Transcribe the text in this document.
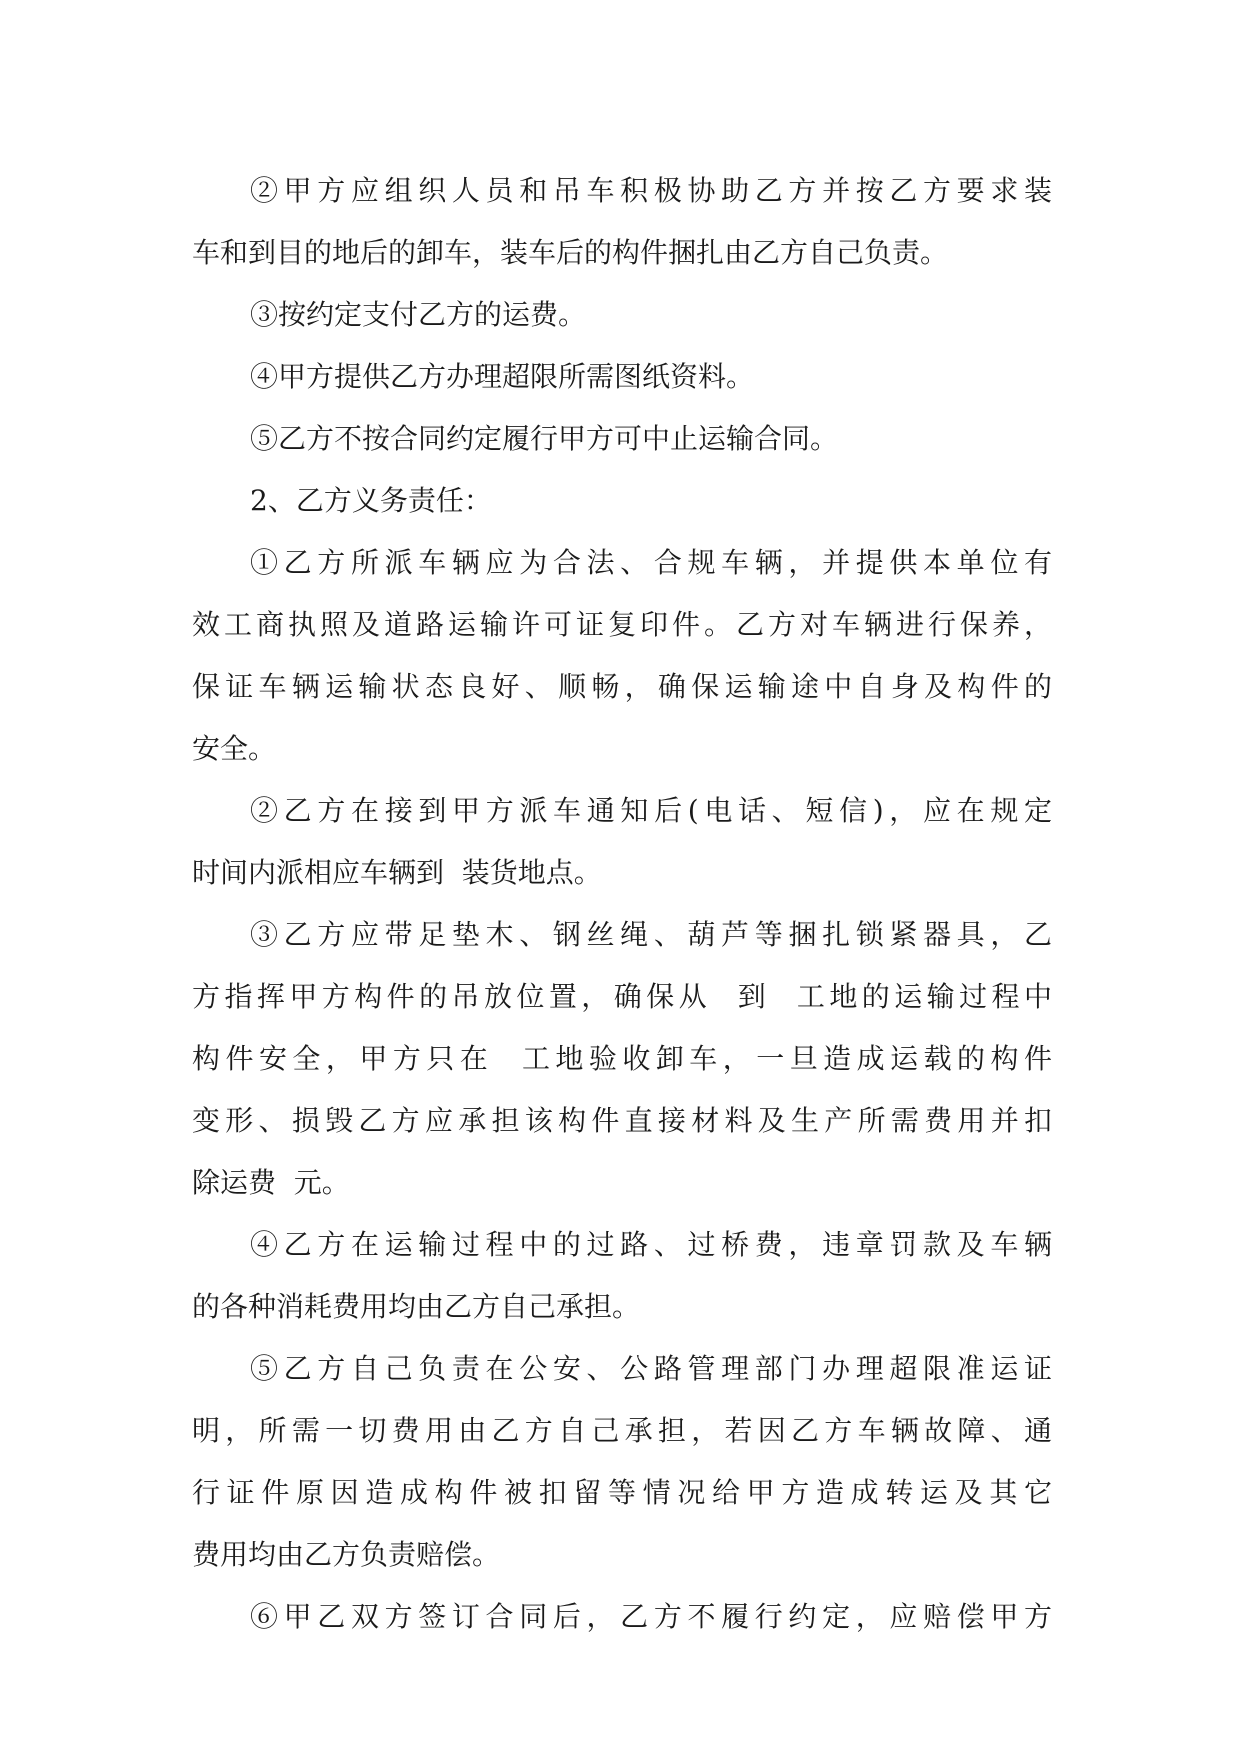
②甲方应组织人员和吊车积极协助乙方并按乙方要求装
车和到目的地后的卸车，装车后的构件捆扎由乙方自己负责。
③按约定支付乙方的运费。
④甲方提供乙方办理超限所需图纸资料。
⑤乙方不按合同约定履行甲方可中止运输合同。
2、乙方义务责任：
①乙方所派车辆应为合法、合规车辆，并提供本单位有
效工商执照及道路运输许可证复印件。乙方对车辆进行保养，
保证车辆运输状态良好、顺畅，确保运输途中自身及构件的
安全。
②乙方在接到甲方派车通知后(电话、短信)，应在规定
时间内派相应车辆到  装货地点。
③乙方应带足垫木、钢丝绳、葫芦等捆扎锁紧器具，乙
方指挥甲方构件的吊放位置，确保从  到  工地的运输过程中
构件安全，甲方只在  工地验收卸车，一旦造成运载的构件
变形、损毁乙方应承担该构件直接材料及生产所需费用并扣
除运费  元。
④乙方在运输过程中的过路、过桥费，违章罚款及车辆
的各种消耗费用均由乙方自己承担。
⑤乙方自己负责在公安、公路管理部门办理超限准运证
明，所需一切费用由乙方自己承担，若因乙方车辆故障、通
行证件原因造成构件被扣留等情况给甲方造成转运及其它
费用均由乙方负责赔偿。
⑥甲乙双方签订合同后，乙方不履行约定，应赔偿甲方
